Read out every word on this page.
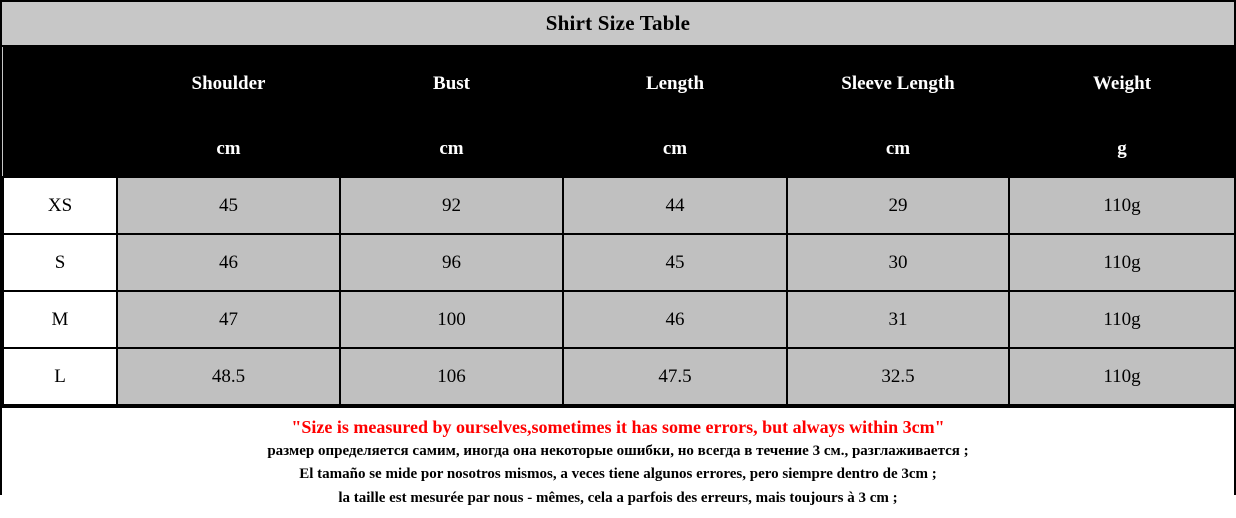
Shirt Size Table
	Shoulder	Bust	Length	Sleeve Length	Weight
	cm	cm	cm	cm	g
XS	45	92	44	29	110g
S	46	96	45	30	110g
M	47	100	46	31	110g
L	48.5	106	47.5	32.5	110g
"Size is measured by ourselves,sometimes it has some errors, but always within 3cm"
размер определяется самим, иногда она некоторые ошибки, но всегда в течение 3 см., разглаживается ;
El tamaño se mide por nosotros mismos, a veces tiene algunos errores, pero siempre dentro de 3cm ;
la taille est mesurée par nous - mêmes, cela a parfois des erreurs, mais toujours à 3 cm ;
